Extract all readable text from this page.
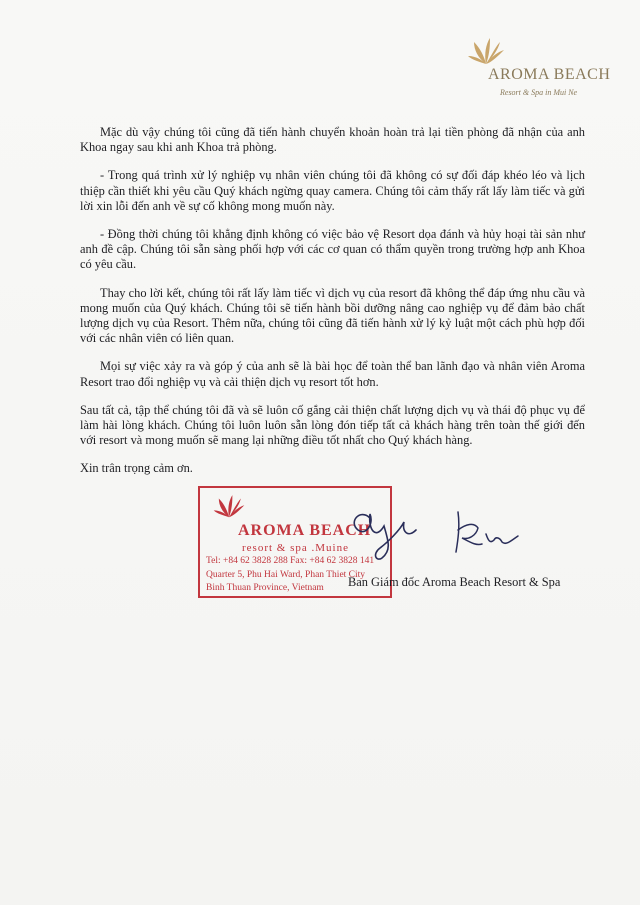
AROMA BEACH
Resort & Spa in Mui Ne

Mặc dù vậy chúng tôi cũng đã tiến hành chuyển khoản hoàn trả lại tiền phòng đã nhận của anh Khoa ngay sau khi anh Khoa trả phòng.

- Trong quá trình xử lý nghiệp vụ nhân viên chúng tôi đã không có sự đối đáp khéo léo và lịch thiệp cần thiết khi yêu cầu Quý khách ngừng quay camera. Chúng tôi cảm thấy rất lấy làm tiếc và gửi lời xin lỗi đến anh về sự cố không mong muốn này.

- Đồng thời chúng tôi khẳng định không có việc bảo vệ Resort dọa đánh và hủy hoại tài sản như anh đề cập. Chúng tôi sẵn sàng phối hợp với các cơ quan có thẩm quyền trong trường hợp anh Khoa có yêu cầu.

Thay cho lời kết, chúng tôi rất lấy làm tiếc vì dịch vụ của resort đã không thể đáp ứng nhu cầu và mong muốn của Quý khách. Chúng tôi sẽ tiến hành bồi dưỡng nâng cao nghiệp vụ để đảm bảo chất lượng dịch vụ của Resort. Thêm nữa, chúng tôi cũng đã tiến hành xử lý kỷ luật một cách phù hợp đối với các nhân viên có liên quan.

Mọi sự việc xảy ra và góp ý của anh sẽ là bài học để toàn thể ban lãnh đạo và nhân viên Aroma Resort trao đổi nghiệp vụ và cải thiện dịch vụ resort tốt hơn.

Sau tất cả, tập thể chúng tôi đã và sẽ luôn cố gắng cải thiện chất lượng dịch vụ và thái độ phục vụ để làm hài lòng khách. Chúng tôi luôn luôn sẵn lòng đón tiếp tất cả khách hàng trên toàn thế giới đến với resort và mong muốn sẽ mang lại những điều tốt nhất cho Quý khách hàng.

Xin trân trọng cảm ơn.

AROMA BEACH
resort & spa .Muine
Tel: +84 62 3828 288 Fax: +84 62 3828 141
Quarter 5, Phu Hai Ward, Phan Thiet City
Binh Thuan Province, Vietnam Ban Giám đốc Aroma Beach Resort & Spa
